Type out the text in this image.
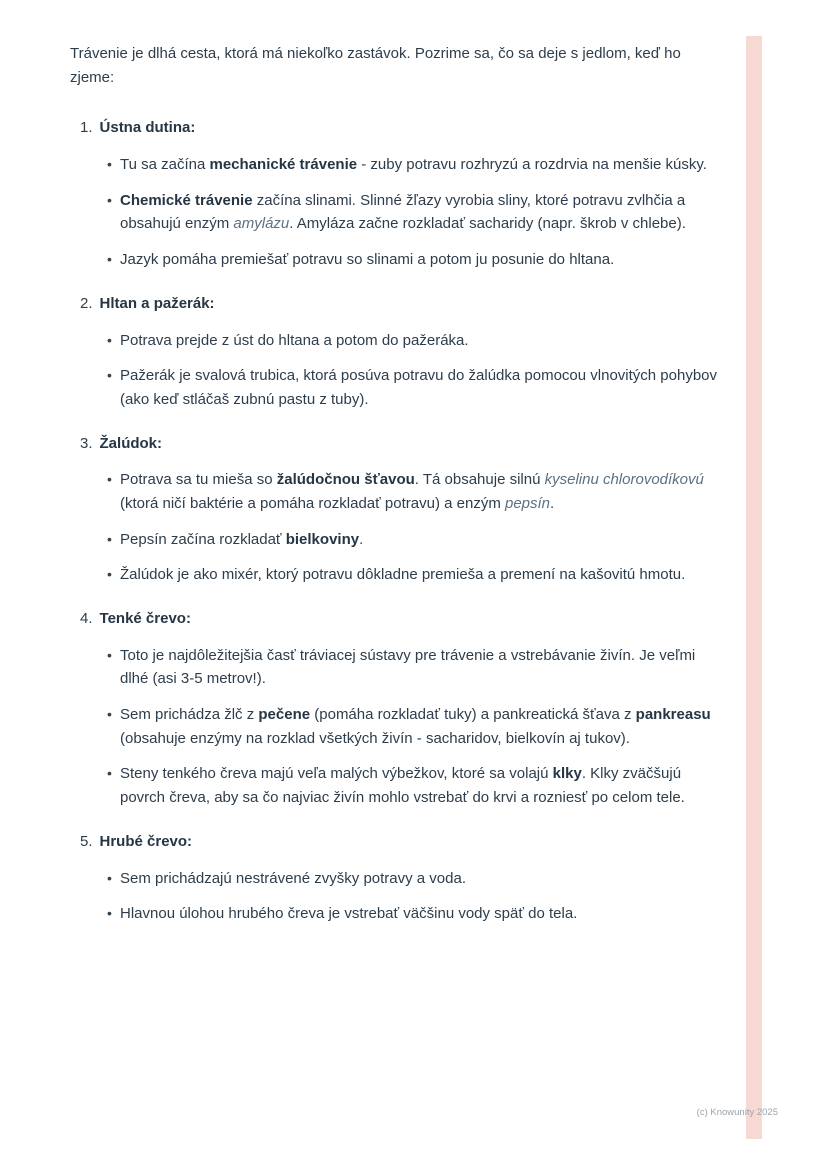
Trávenie je dlhá cesta, ktorá má niekoľko zastávok. Pozrime sa, čo sa deje s jedlom, keď ho zjeme:

1. Ústna dutina:
• Tu sa začína mechanické trávenie - zuby potravu rozhryzú a rozdrvia na menšie kúsky.
• Chemické trávenie začína slinami. Slinné žľazy vyrobia sliny, ktoré potravu zvlhčia a obsahujú enzým amylázu. Amyláza začne rozkladať sacharidy (napr. škrob v chlebe).
• Jazyk pomáha premiešať potravu so slinami a potom ju posunie do hltana.
2. Hltan a pažerák:
• Potrava prejde z úst do hltana a potom do pažeráka.
• Pažerák je svalová trubica, ktorá posúva potravu do žalúdka pomocou vlnovitých pohybov (ako keď stláčaš zubnú pastu z tuby).
3. Žalúdok:
• Potrava sa tu mieša so žalúdočnou šťavou. Tá obsahuje silnú kyselinu chlorovodíkovú (ktorá ničí baktérie a pomáha rozkladať potravu) a enzým pepsín.
• Pepsín začína rozkladať bielkoviny.
• Žalúdok je ako mixér, ktorý potravu dôkladne premieša a premení na kašovitú hmotu.
4. Tenké črevo:
• Toto je najdôležitejšia časť tráviacej sústavy pre trávenie a vstrebávanie živín. Je veľmi dlhé (asi 3-5 metrov!).
• Sem prichádza žlč z pečene (pomáha rozkladať tuky) a pankreatická šťava z pankreasu (obsahuje enzýmy na rozklad všetkých živín - sacharidov, bielkovín aj tukov).
• Steny tenkého čreva majú veľa malých výbežkov, ktoré sa volajú klky. Klky zväčšujú povrch čreva, aby sa čo najviac živín mohlo vstrebať do krvi a rozniesť po celom tele.
5. Hrubé črevo:
• Sem prichádzajú nestrávené zvyšky potravy a voda.
• Hlavnou úlohou hrubého čreva je vstrebať väčšinu vody späť do tela.
(c) Knowunity 2025
